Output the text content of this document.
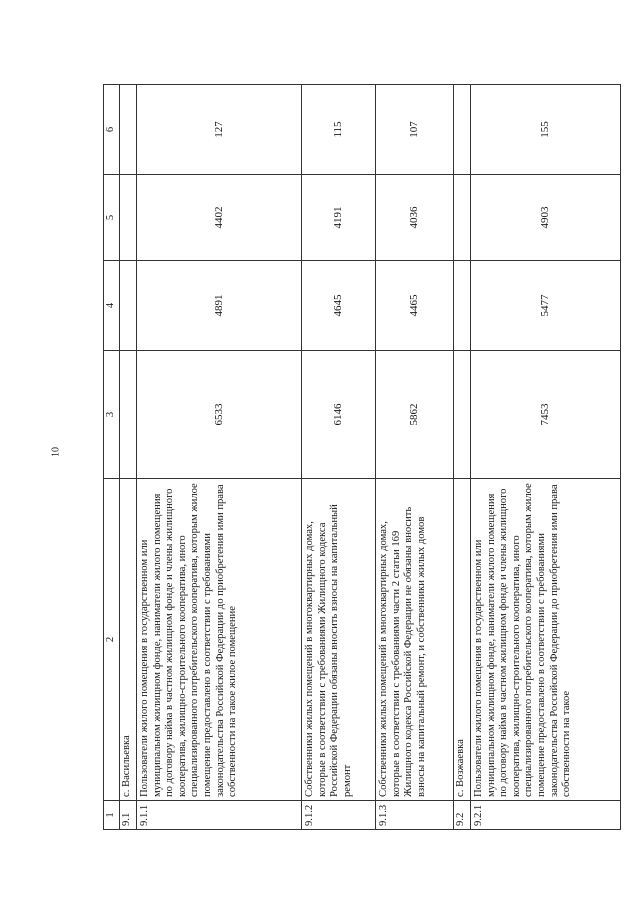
10
1	2	3	4	5	6
9.1	с. Васильевка				
9.1.1	Пользователи жилого помещения в государственном или муниципальном жилищном фонде, наниматели жилого помещения по договору найма в частном жилищном фонде и члены жилищного кооператива, жилищно-строительного кооператива, иного специализированного потребительского кооператива, которым жилое помещение предоставлено в соответствии с требованиями законодательства Российской Федерации до приобретения ими права собственности на такое жилое помещение	6533	4891	4402	127
9.1.2	Собственники жилых помещений в многоквартирных домах, которые в соответствии с требованиями Жилищного кодекса Российской Федерации обязаны вносить взносы на капитальный ремонт	6146	4645	4191	115
9.1.3	Собственники жилых помещений в многоквартирных домах, которые в соответствии с требованиями части 2 статьи 169 Жилищного кодекса Российской Федерации не обязаны вносить взносы на капитальный ремонт, и собственники жилых домов	5862	4465	4036	107
9.2	с. Возжаевка				
9.2.1	Пользователи жилого помещения в государственном или муниципальном жилищном фонде, наниматели жилого помещения по договору найма в частном жилищном фонде и члены жилищного кооператива, жилищно-строительного кооператива, иного специализированного потребительского кооператива, которым жилое помещение предоставлено в соответствии с требованиями законодательства Российской Федерации до приобретения ими права собственности на такое	7453	5477	4903	155
